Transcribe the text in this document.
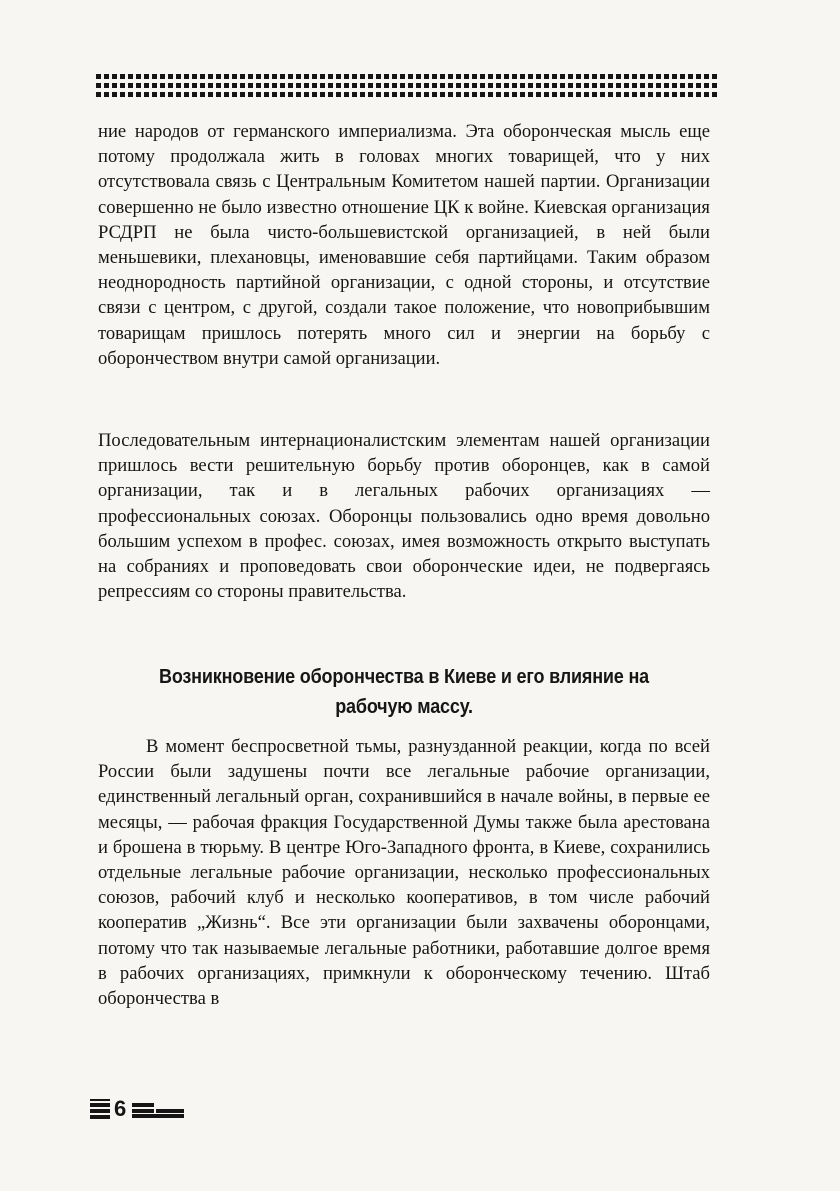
ние народов от германского империализма. Эта оборонческая мысль еще потому продолжала жить в головах многих товарищей, что у них отсутствовала связь с Центральным Комитетом нашей партии. Организации совершенно не было известно отношение ЦК к войне. Киевская организация РСДРП не была чисто-большевистской организацией, в ней были меньшевики, плехановцы, именовавшие себя партийцами. Таким образом неоднородность партийной организации, с одной стороны, и отсутствие связи с центром, с другой, создали такое положение, что новоприбывшим товарищам пришлось потерять много сил и энергии на борьбу с оборончеством внутри самой организации.

Последовательным интернационалистским элементам нашей организации пришлось вести решительную борьбу против оборонцев, как в самой организации, так и в легальных рабочих организациях — профессиональных союзах. Оборонцы пользовались одно время довольно большим успехом в профес. союзах, имея возможность открыто выступать на собраниях и проповедовать свои оборонческие идеи, не подвергаясь репрессиям со стороны правительства.

Возникновение оборончества в Киеве и его влияние на рабочую массу.

В момент беспросветной тьмы, разнузданной реакции, когда по всей России были задушены почти все легальные рабочие организации, единственный легальный орган, сохранившийся в начале войны, в первые ее месяцы, — рабочая фракция Государственной Думы также была арестована и брошена в тюрьму. В центре Юго-Западного фронта, в Киеве, сохранились отдельные легальные рабочие организации, несколько профессиональных союзов, рабочий клуб и несколько кооперативов, в том числе рабочий кооператив „Жизнь“. Все эти организации были захвачены оборонцами, потому что так называемые легальные работники, работавшие долгое время в рабочих организациях, примкнули к оборонческому течению. Штаб оборончества в

6
